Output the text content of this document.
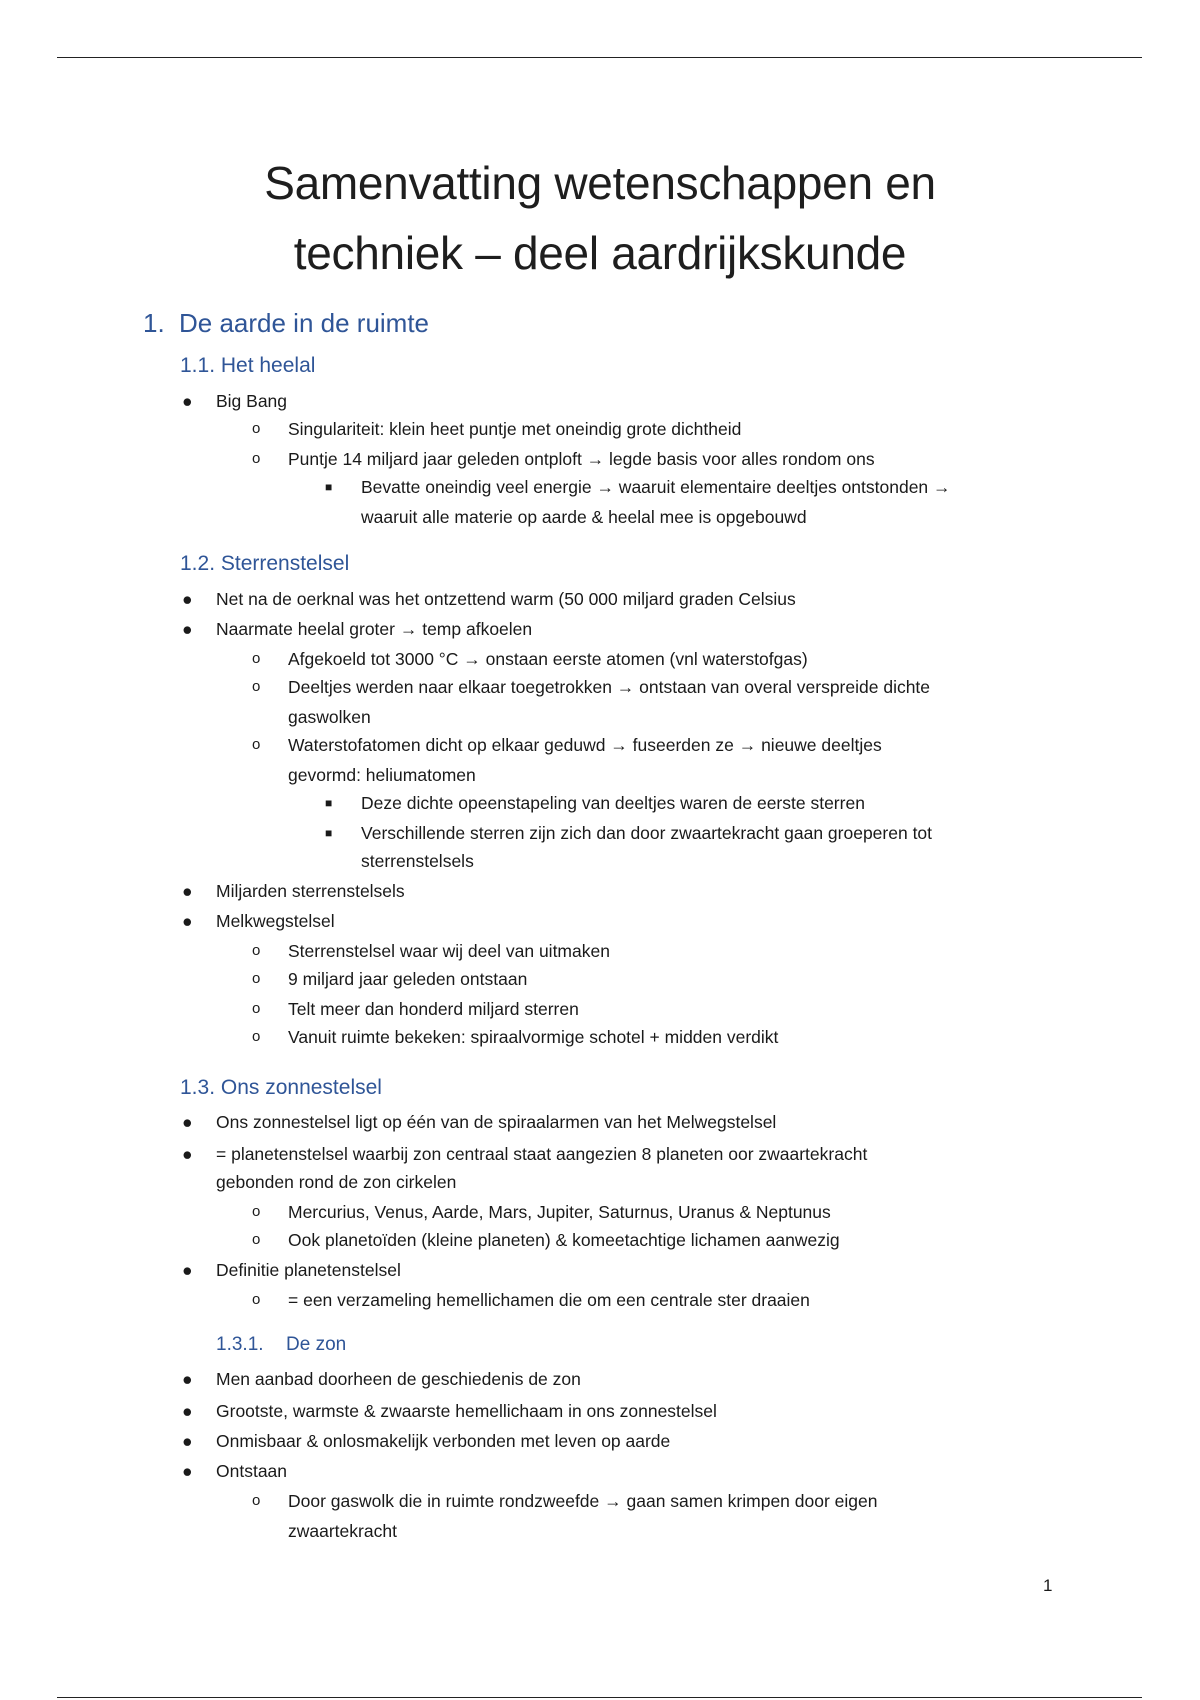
Samenvatting wetenschappen en
techniek – deel aardrijkskunde
1. De aarde in de ruimte
1.1. Het heelal
● Big Bang
o Singulariteit: klein heet puntje met oneindig grote dichtheid
o Puntje 14 miljard jaar geleden ontploft → legde basis voor alles rondom ons
■ Bevatte oneindig veel energie → waaruit elementaire deeltjes ontstonden →
waaruit alle materie op aarde & heelal mee is opgebouwd
1.2. Sterrenstelsel
● Net na de oerknal was het ontzettend warm (50 000 miljard graden Celsius
● Naarmate heelal groter → temp afkoelen
o Afgekoeld tot 3000 °C → onstaan eerste atomen (vnl waterstofgas)
o Deeltjes werden naar elkaar toegetrokken → ontstaan van overal verspreide dichte
gaswolken
o Waterstofatomen dicht op elkaar geduwd → fuseerden ze → nieuwe deeltjes
gevormd: heliumatomen
■ Deze dichte opeenstapeling van deeltjes waren de eerste sterren
■ Verschillende sterren zijn zich dan door zwaartekracht gaan groeperen tot
sterrenstelsels
● Miljarden sterrenstelsels
● Melkwegstelsel
o Sterrenstelsel waar wij deel van uitmaken
o 9 miljard jaar geleden ontstaan
o Telt meer dan honderd miljard sterren
o Vanuit ruimte bekeken: spiraalvormige schotel + midden verdikt
1.3. Ons zonnestelsel
● Ons zonnestelsel ligt op één van de spiraalarmen van het Melwegstelsel
● = planetenstelsel waarbij zon centraal staat aangezien 8 planeten oor zwaartekracht
gebonden rond de zon cirkelen
o Mercurius, Venus, Aarde, Mars, Jupiter, Saturnus, Uranus & Neptunus
o Ook planetoïden (kleine planeten) & komeetachtige lichamen aanwezig
● Definitie planetenstelsel
o = een verzameling hemellichamen die om een centrale ster draaien
1.3.1. De zon
● Men aanbad doorheen de geschiedenis de zon
● Grootste, warmste & zwaarste hemellichaam in ons zonnestelsel
● Onmisbaar & onlosmakelijk verbonden met leven op aarde
● Ontstaan
o Door gaswolk die in ruimte rondzweefde → gaan samen krimpen door eigen
zwaartekracht
1
